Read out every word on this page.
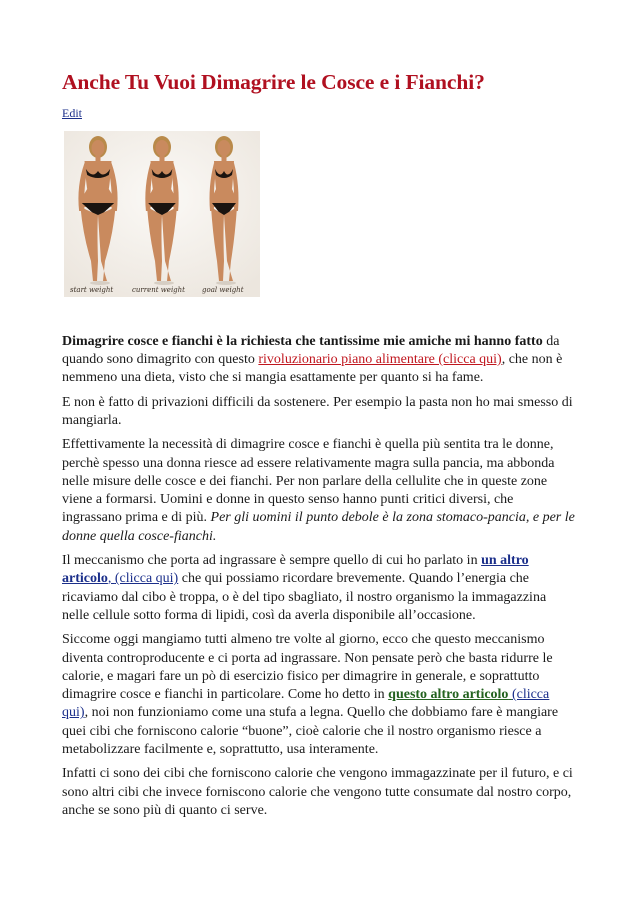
Anche Tu Vuoi Dimagrire le Cosce e i Fianchi?
Edit
start weight	current weight goal weight

Dimagrire cosce e fianchi è la richiesta che tantissime mie amiche mi hanno fatto da quando sono dimagrito con questo rivoluzionario piano alimentare (clicca qui), che non è nemmeno una dieta, visto che si mangia esattamente per quanto si ha fame.

E non è fatto di privazioni difficili da sostenere. Per esempio la pasta non ho mai smesso di mangiarla.

Effettivamente la necessità di dimagrire cosce e fianchi è quella più sentita tra le donne, perchè spesso una donna riesce ad essere relativamente magra sulla pancia, ma abbonda nelle misure delle cosce e dei fianchi. Per non parlare della cellulite che in queste zone viene a formarsi. Uomini e donne in questo senso hanno punti critici diversi, che ingrassano prima e di più. Per gli uomini il punto debole è la zona stomaco-pancia, e per le donne quella cosce-fianchi.

Il meccanismo che porta ad ingrassare è sempre quello di cui ho parlato in un altro articolo, (clicca qui) che qui possiamo ricordare brevemente. Quando l’energia che ricaviamo dal cibo è troppa, o è del tipo sbagliato, il nostro organismo la immagazzina nelle cellule sotto forma di lipidi, così da averla disponibile all’occasione.

Siccome oggi mangiamo tutti almeno tre volte al giorno, ecco che questo meccanismo diventa controproducente e ci porta ad ingrassare. Non pensate però che basta ridurre le calorie, e magari fare un pò di esercizio fisico per dimagrire in generale, e soprattutto dimagrire cosce e fianchi in particolare. Come ho detto in questo altro articolo (clicca qui), noi non funzioniamo come una stufa a legna. Quello che dobbiamo fare è mangiare quei cibi che forniscono calorie “buone”, cioè calorie che il nostro organismo riesce a metabolizzare facilmente e, soprattutto, usa interamente.

Infatti ci sono dei cibi che forniscono calorie che vengono immagazzinate per il futuro, e ci sono altri cibi che invece forniscono calorie che vengono tutte consumate dal nostro corpo, anche se sono più di quanto ci serve.
